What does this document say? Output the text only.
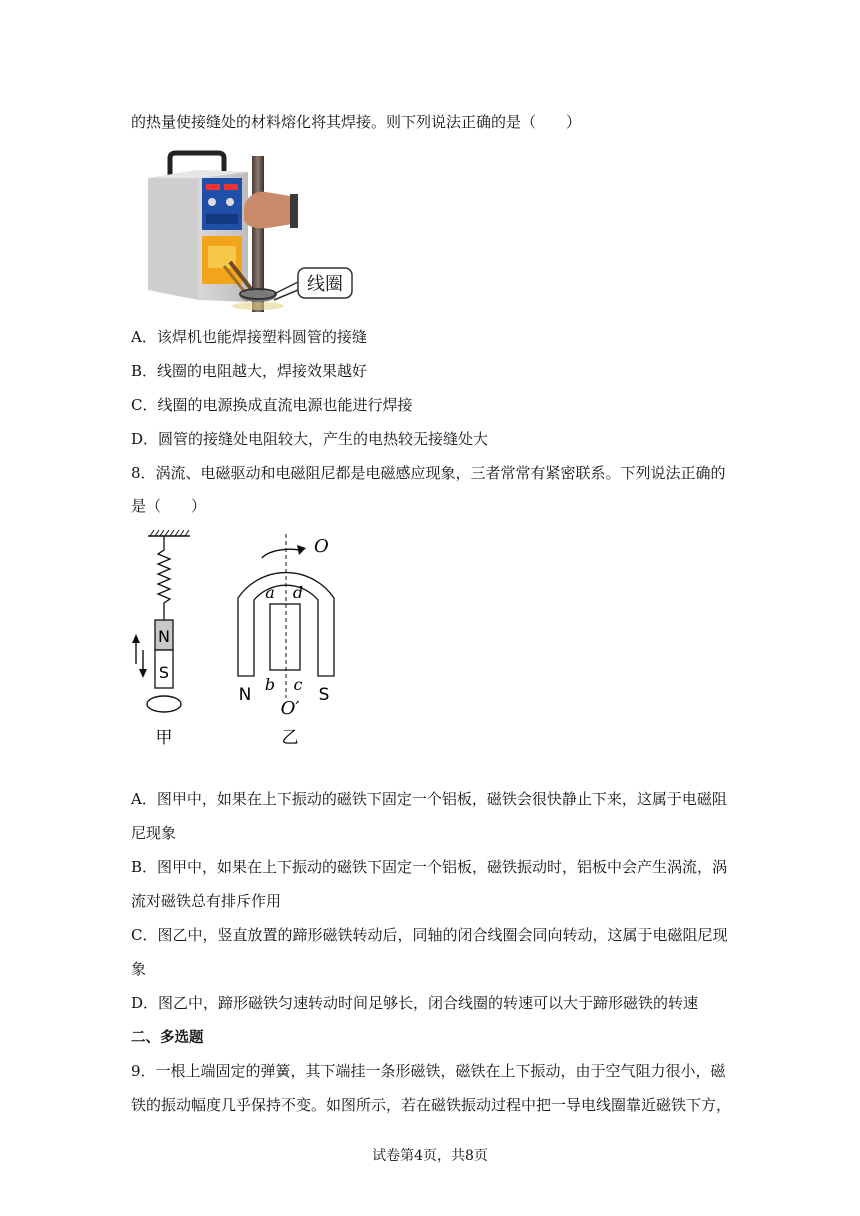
的热量使接缝处的材料熔化将其焊接。则下列说法正确的是（　　）
线圈
A．该焊机也能焊接塑料圆管的接缝
B．线圈的电阻越大，焊接效果越好
C．线圈的电源换成直流电源也能进行焊接
D．圆管的接缝处电阻较大，产生的电热较无接缝处大
8．涡流、电磁驱动和电磁阻尼都是电磁感应现象，三者常常有紧密联系。下列说法正确的
是（　　）
N
S
甲
O
a d
b c
N	S
O′
乙
A．图甲中，如果在上下振动的磁铁下固定一个铝板，磁铁会很快静止下来，这属于电磁阻
尼现象
B．图甲中，如果在上下振动的磁铁下固定一个铝板，磁铁振动时，铝板中会产生涡流，涡
流对磁铁总有排斥作用
C．图乙中，竖直放置的蹄形磁铁转动后，同轴的闭合线圈会同向转动，这属于电磁阻尼现
象
D．图乙中，蹄形磁铁匀速转动时间足够长，闭合线圈的转速可以大于蹄形磁铁的转速
二、多选题
9．一根上端固定的弹簧，其下端挂一条形磁铁，磁铁在上下振动，由于空气阻力很小，磁
铁的振动幅度几乎保持不变。如图所示，若在磁铁振动过程中把一导电线圈靠近磁铁下方，
试卷第4页，共8页
